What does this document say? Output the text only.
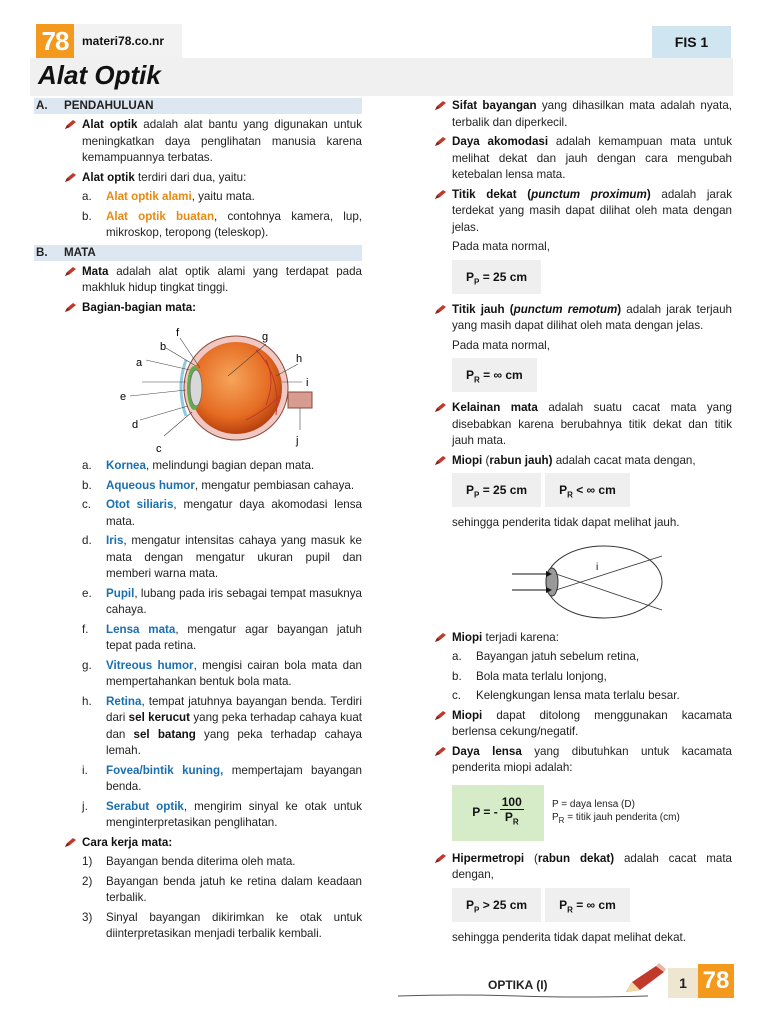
78	materi78.co.nr	FIS 1
Alat Optik
A.	PENDAHULUAN
Alat optik adalah alat bantu yang digunakan untuk meningkatkan daya penglihatan manusia karena kemampuannya terbatas.
Alat optik terdiri dari dua, yaitu:
a. Alat optik alami, yaitu mata.
b. Alat optik buatan, contohnya kamera, lup, mikroskop, teropong (teleskop).
B.	MATA
Mata adalah alat optik alami yang terdapat pada makhluk hidup tingkat tinggi.
Bagian-bagian mata:
a
b
c
d
e
f	g
h
i
j
a. Kornea, melindungi bagian depan mata.
b. Aqueous humor, mengatur pembiasan cahaya.
c. Otot siliaris, mengatur daya akomodasi lensa mata.
d. Iris, mengatur intensitas cahaya yang masuk ke mata dengan mengatur ukuran pupil dan memberi warna mata.
e. Pupil, lubang pada iris sebagai tempat masuknya cahaya.
f. Lensa mata, mengatur agar bayangan jatuh tepat pada retina.
g. Vitreous humor, mengisi cairan bola mata dan mempertahankan bentuk bola mata.
h. Retina, tempat jatuhnya bayangan benda. Terdiri dari sel kerucut yang peka terhadap cahaya kuat dan sel batang yang peka terhadap cahaya lemah.
i. Fovea/bintik kuning, mempertajam bayangan benda.
j. Serabut optik, mengirim sinyal ke otak untuk menginterpretasikan penglihatan.
Cara kerja mata:
1) Bayangan benda diterima oleh mata.
2) Bayangan benda jatuh ke retina dalam keadaan terbalik.
3) Sinyal bayangan dikirimkan ke otak untuk diinterpretasikan menjadi terbalik kembali.
Sifat bayangan yang dihasilkan mata adalah nyata, terbalik dan diperkecil.
Daya akomodasi adalah kemampuan mata untuk melihat dekat dan jauh dengan cara mengubah ketebalan lensa mata.
Titik dekat (punctum proximum) adalah jarak terdekat yang masih dapat dilihat oleh mata dengan jelas.
Pada mata normal,
$P_P = 25$ cm
Titik jauh (punctum remotum) adalah jarak terjauh yang masih dapat dilihat oleh mata dengan jelas.
Pada mata normal,
$P_R$ = ∞ cm
Kelainan mata adalah suatu cacat mata yang disebabkan karena berubahnya titik dekat dan titik jauh mata.
Miopi (rabun jauh) adalah cacat mata dengan,
$P_P = 25$ cm	$P_R$ < ∞ cm
sehingga penderita tidak dapat melihat jauh.
i
Miopi terjadi karena:
a. Bayangan jatuh sebelum retina,
b. Bola mata terlalu lonjong,
c. Kelengkungan lensa mata terlalu besar.
Miopi dapat ditolong menggunakan kacamata berlensa cekung/negatif.
Daya lensa yang dibutuhkan untuk kacamata penderita miopi adalah:
P = - $\frac{100}{P_R}$	P = daya lensa (D)
$P_R$ = titik jauh penderita (cm)
Hipermetropi (rabun dekat) adalah cacat mata dengan,
$P_P > 25$ cm	$P_R$ = ∞ cm
sehingga penderita tidak dapat melihat dekat.
OPTIKA (I)	1 78
